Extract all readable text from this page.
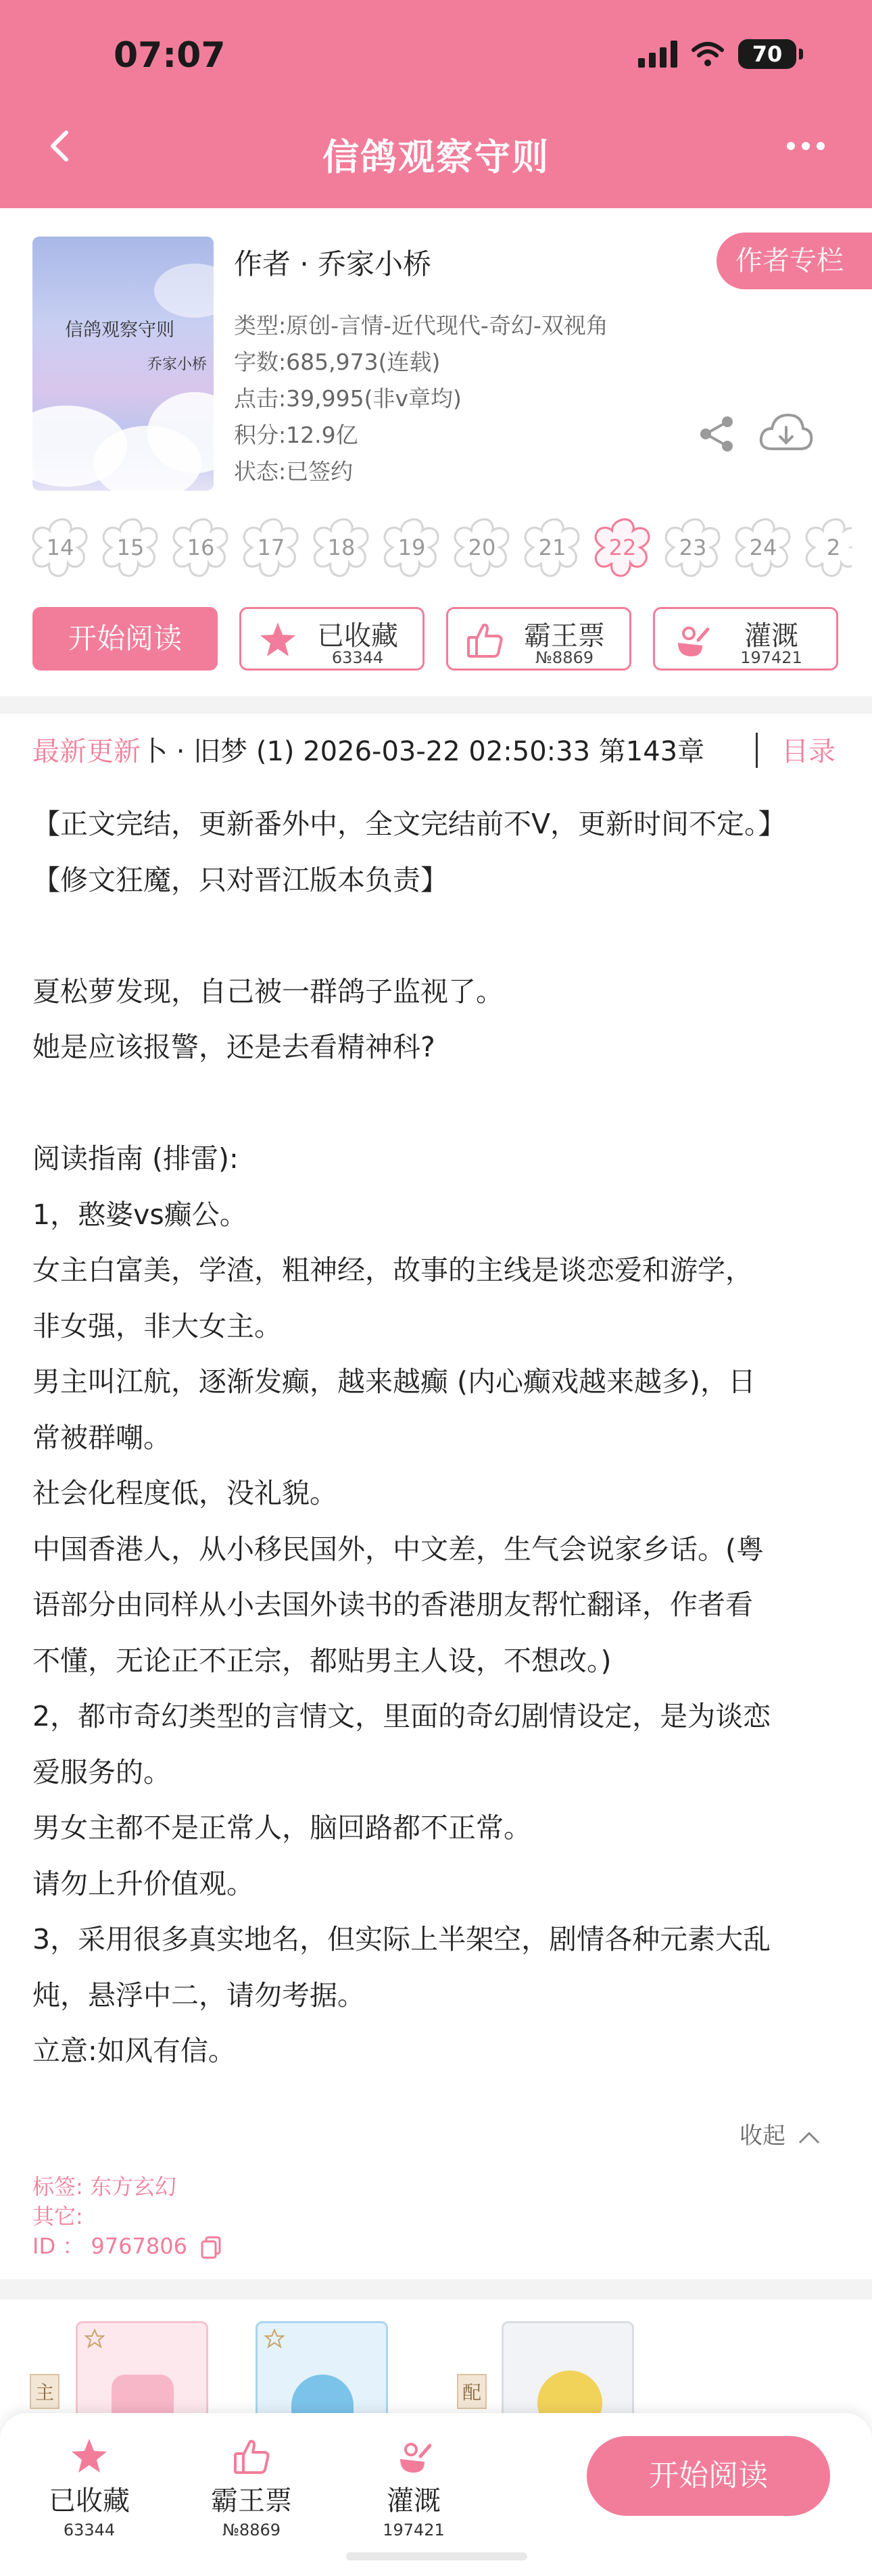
07:07	70
信鸽观察守则
信鸽观察守则
乔家小桥
作者 · 乔家小桥	作者专栏
类型:原创-言情-近代现代-奇幻-双视角
字数:685,973(连载)
点击:39,995(非v章均)
积分:12.9亿
状态:已签约
14	15	16	17	18	19	20	21	22	23	24	2
开始阅读	已收藏
63344
霸王票
№8869
灌溉
197421
最新更新卜 · 旧梦 (1) 2026-03-22 02:50:33 第143章	目录
【正文完结，更新番外中，全文完结前不V，更新时间不定。】
【修文狂魔，只对晋江版本负责】
夏松萝发现，自己被一群鸽子监视了。
她是应该报警，还是去看精神科?
阅读指南 (排雷):
1，憨婆vs癫公。
女主白富美，学渣，粗神经，故事的主线是谈恋爱和游学，
非女强，非大女主。
男主叫江航，逐渐发癫，越来越癫 (内心癫戏越来越多)，日
常被群嘲。
社会化程度低，没礼貌。
中国香港人，从小移民国外，中文差，生气会说家乡话。(粤
语部分由同样从小去国外读书的香港朋友帮忙翻译，作者看
不懂，无论正不正宗，都贴男主人设，不想改。)
2，都市奇幻类型的言情文，里面的奇幻剧情设定，是为谈恋
爱服务的。
男女主都不是正常人，脑回路都不正常。
请勿上升价值观。
3，采用很多真实地名，但实际上半架空，剧情各种元素大乱
炖，悬浮中二，请勿考据。
立意:如风有信。
收起
标签: 东方玄幻
其它:
ID ： 9767806
主	配
已收藏
63344
霸王票
№8869
灌溉
197421
开始阅读
